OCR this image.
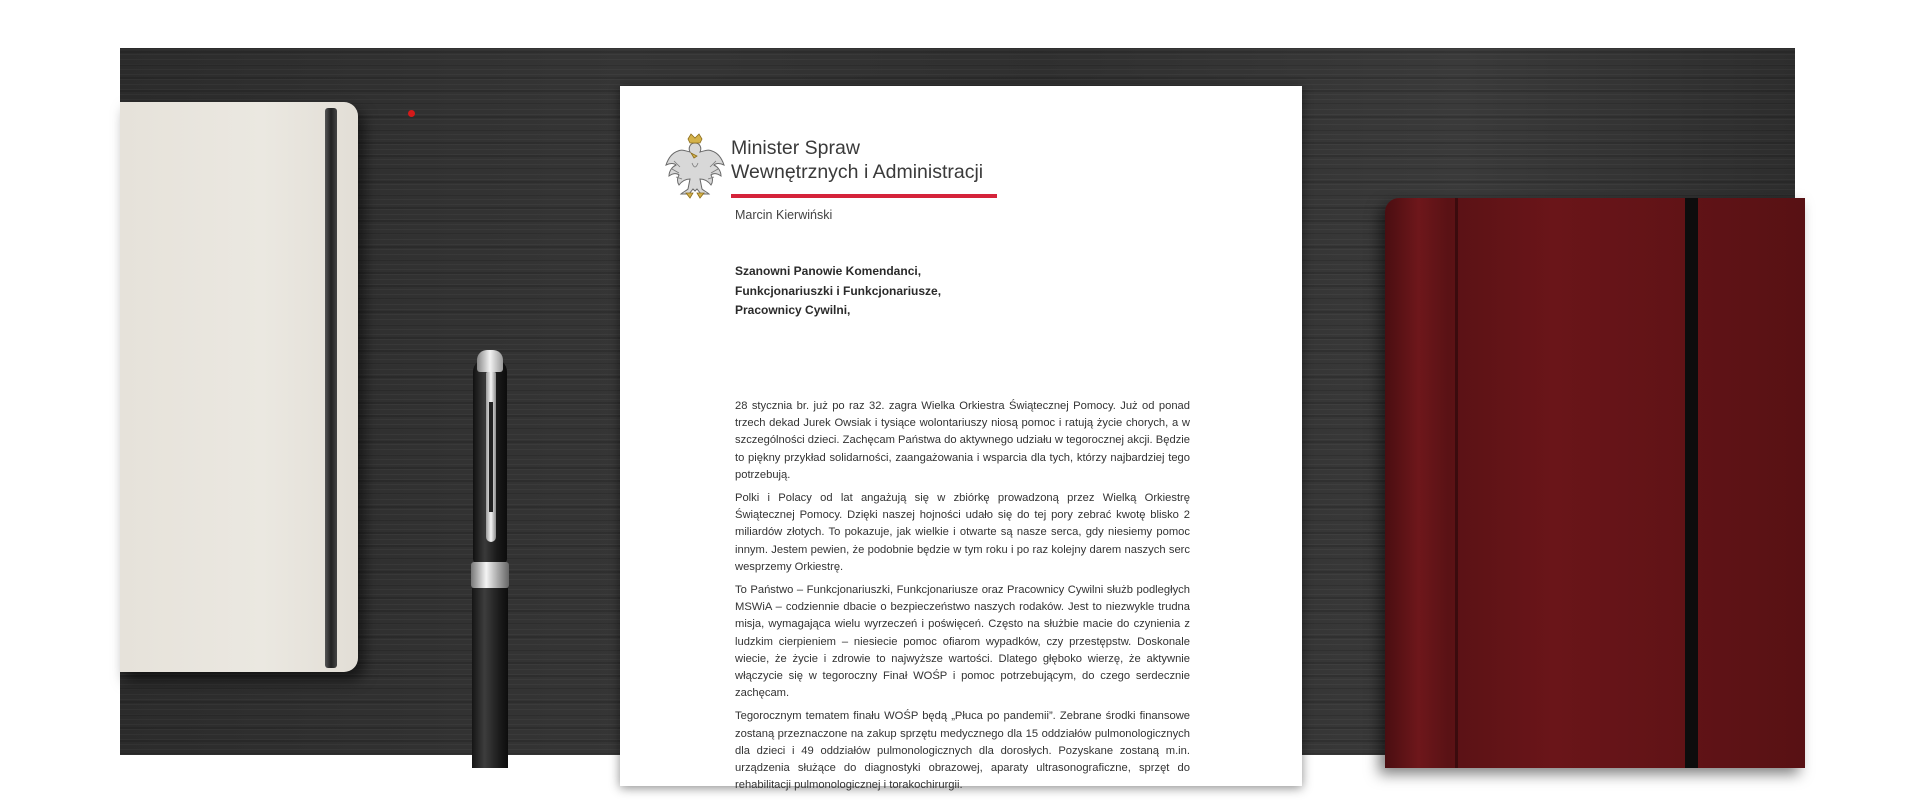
Minister Spraw
Wewnętrznych i Administracji
Marcin Kierwiński
Szanowni Panowie Komendanci,
Funkcjonariuszki i Funkcjonariusze,
Pracownicy Cywilni,

28 stycznia br. już po raz 32. zagra Wielka Orkiestra Świątecznej Pomocy. Już od ponad trzech dekad Jurek Owsiak i tysiące wolontariuszy niosą pomoc i ratują życie chorych, a w szczególności dzieci. Zachęcam Państwa do aktywnego udziału w tegorocznej akcji. Będzie to piękny przykład solidarności, zaangażowania i wsparcia dla tych, którzy najbardziej tego potrzebują.

Polki i Polacy od lat angażują się w zbiórkę prowadzoną przez Wielką Orkiestrę Świątecznej Pomocy. Dzięki naszej hojności udało się do tej pory zebrać kwotę blisko 2 miliardów złotych. To pokazuje, jak wielkie i otwarte są nasze serca, gdy niesiemy pomoc innym. Jestem pewien, że podobnie będzie w tym roku i po raz kolejny darem naszych serc wesprzemy Orkiestrę.

To Państwo – Funkcjonariuszki, Funkcjonariusze oraz Pracownicy Cywilni służb podległych MSWiA – codziennie dbacie o bezpieczeństwo naszych rodaków. Jest to niezwykle trudna misja, wymagająca wielu wyrzeczeń i poświęceń. Często na służbie macie do czynienia z ludzkim cierpieniem – niesiecie pomoc ofiarom wypadków, czy przestępstw. Doskonale wiecie, że życie i zdrowie to najwyższe wartości. Dlatego głęboko wierzę, że aktywnie włączycie się w tegoroczny Finał WOŚP i pomoc potrzebującym, do czego serdecznie zachęcam.

Tegorocznym tematem finału WOŚP będą „Płuca po pandemii”. Zebrane środki finansowe zostaną przeznaczone na zakup sprzętu medycznego dla 15 oddziałów pulmonologicznych dla dzieci i 49 oddziałów pulmonologicznych dla dorosłych. Pozyskane zostaną m.in. urządzenia służące do diagnostyki obrazowej, aparaty ultrasonograficzne, sprzęt do rehabilitacji pulmonologicznej i torakochirurgii.
